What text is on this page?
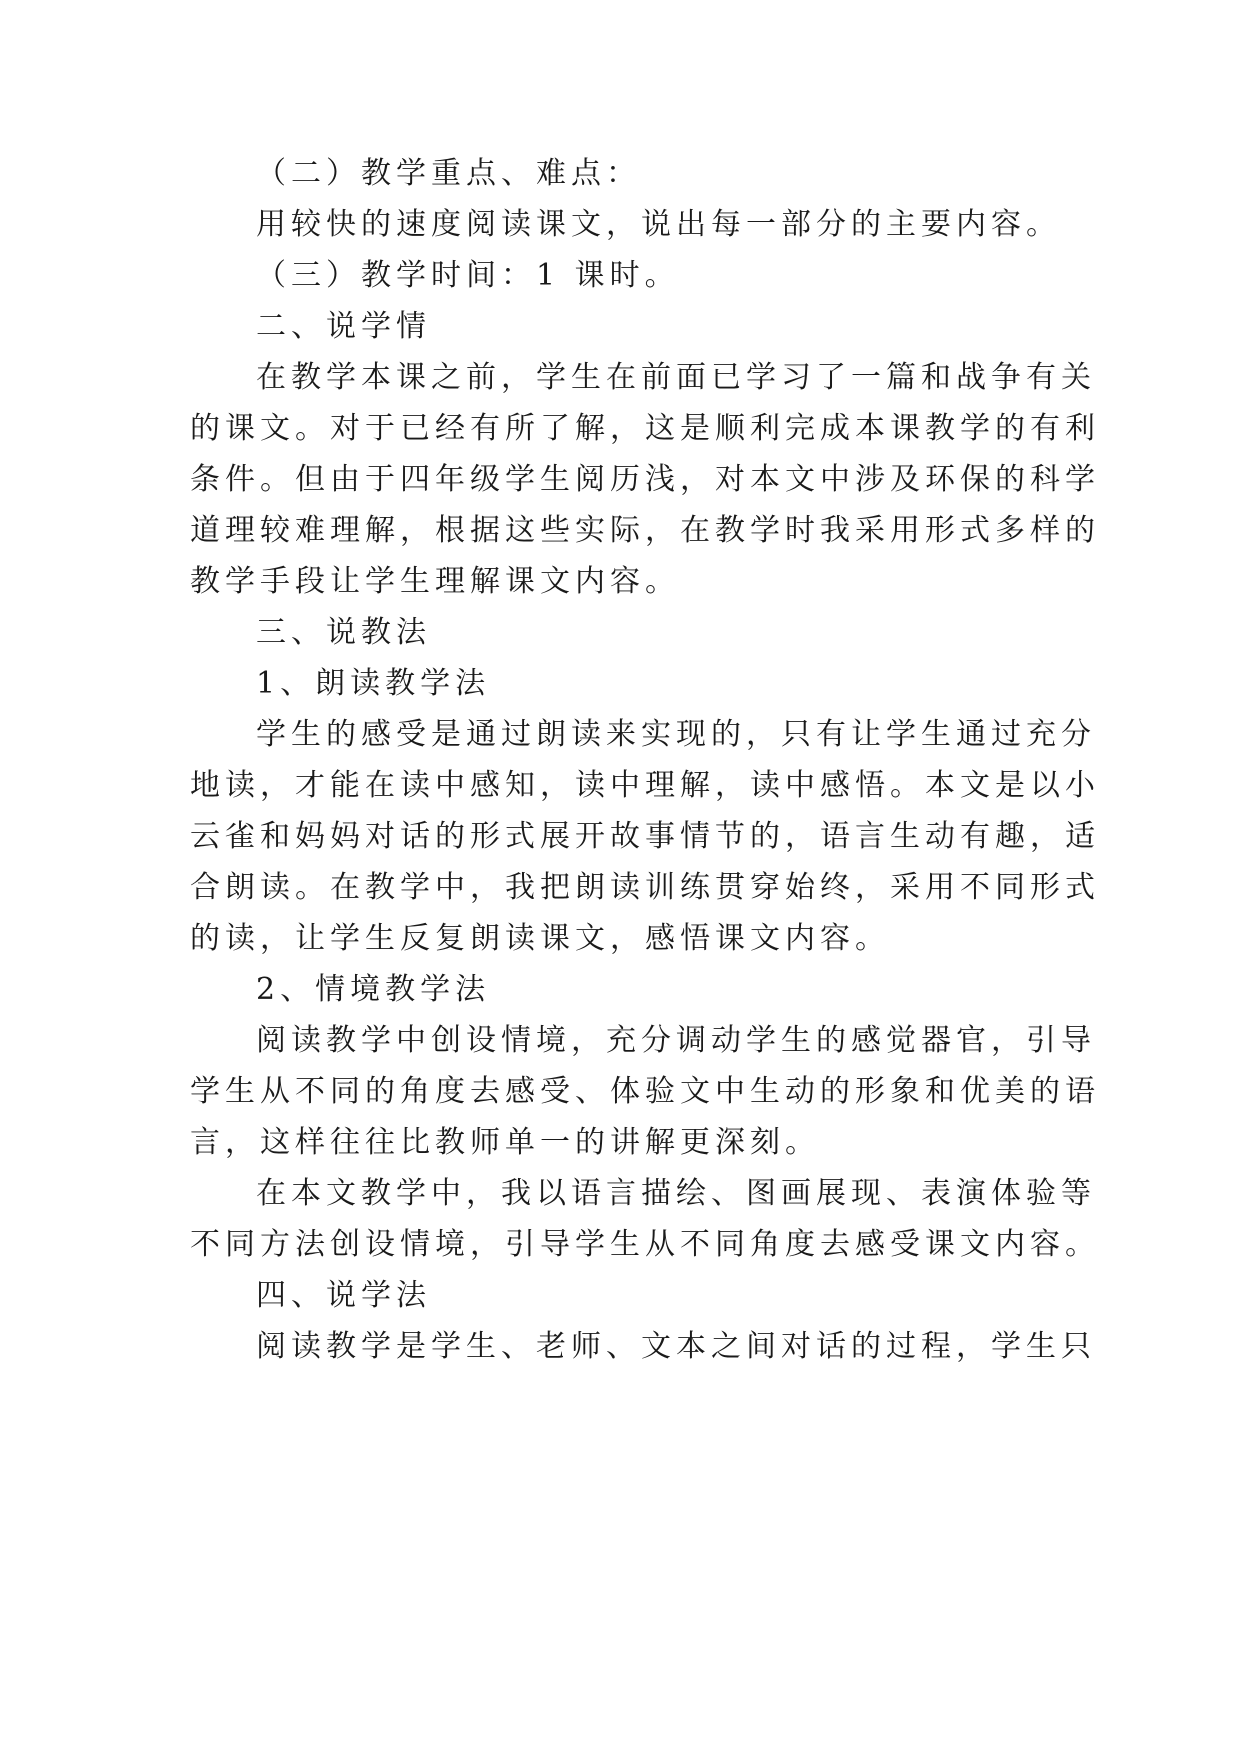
（二）教学重点、难点：
用较快的速度阅读课文，说出每一部分的主要内容。
（三）教学时间：1 课时。
二、说学情
在教学本课之前，学生在前面已学习了一篇和战争有关
的课文。对于已经有所了解，这是顺利完成本课教学的有利
条件。但由于四年级学生阅历浅，对本文中涉及环保的科学
道理较难理解，根据这些实际，在教学时我采用形式多样的
教学手段让学生理解课文内容。
三、说教法
1、朗读教学法
学生的感受是通过朗读来实现的，只有让学生通过充分
地读，才能在读中感知，读中理解，读中感悟。本文是以小
云雀和妈妈对话的形式展开故事情节的，语言生动有趣，适
合朗读。在教学中，我把朗读训练贯穿始终，采用不同形式
的读，让学生反复朗读课文，感悟课文内容。
2、情境教学法
阅读教学中创设情境，充分调动学生的感觉器官，引导
学生从不同的角度去感受、体验文中生动的形象和优美的语
言，这样往往比教师单一的讲解更深刻。
在本文教学中，我以语言描绘、图画展现、表演体验等
不同方法创设情境，引导学生从不同角度去感受课文内容。
四、说学法
阅读教学是学生、老师、文本之间对话的过程，学生只
